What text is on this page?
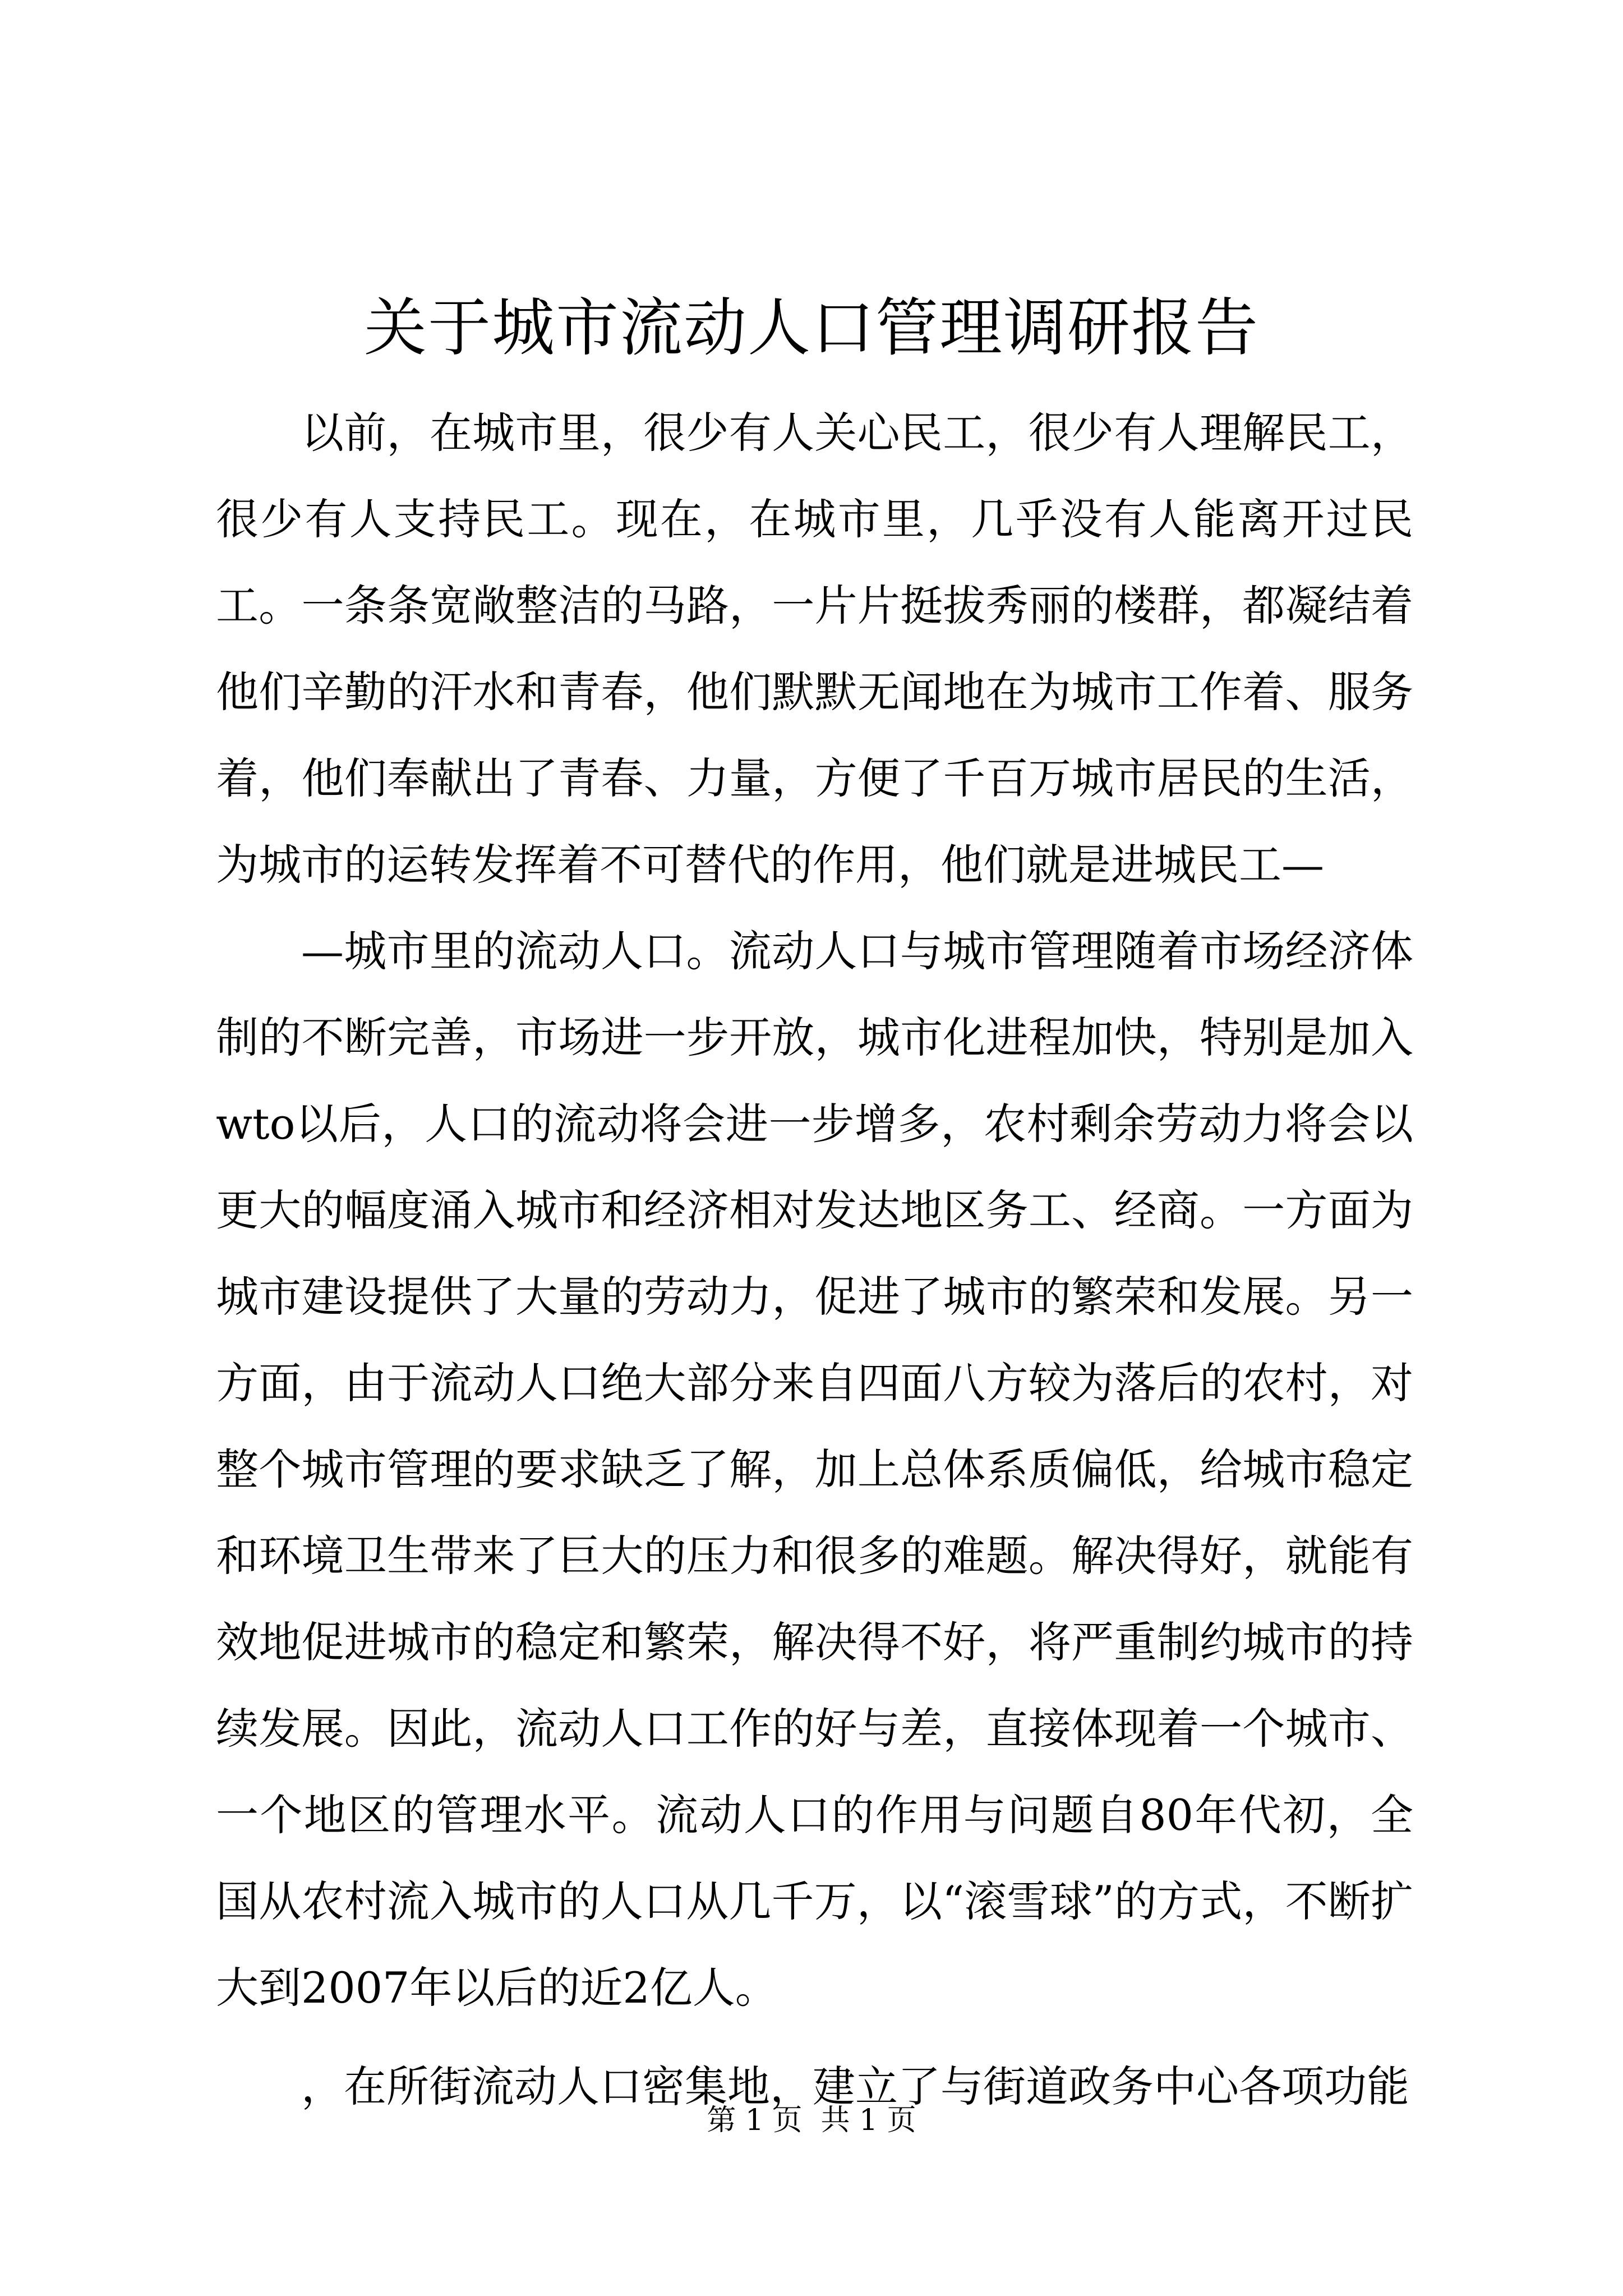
关于城市流动人口管理调研报告

以前，在城市里，很少有人关心民工，很少有人理解民工，很少有人支持民工。现在，在城市里，几乎没有人能离开过民工。一条条宽敞整洁的马路，一片片挺拔秀丽的楼群，都凝结着他们辛勤的汗水和青春，他们默默无闻地在为城市工作着、服务着，他们奉献出了青春、力量，方便了千百万城市居民的生活，为城市的运转发挥着不可替代的作用，他们就是进城民工—

—城市里的流动人口。流动人口与城市管理随着市场经济体制的不断完善，市场进一步开放，城市化进程加快，特别是加入wto以后，人口的流动将会进一步增多，农村剩余劳动力将会以更大的幅度涌入城市和经济相对发达地区务工、经商。一方面为城市建设提供了大量的劳动力，促进了城市的繁荣和发展。另一方面，由于流动人口绝大部分来自四面八方较为落后的农村，对整个城市管理的要求缺乏了解，加上总体系质偏低，给城市稳定和环境卫生带来了巨大的压力和很多的难题。解决得好，就能有效地促进城市的稳定和繁荣，解决得不好，将严重制约城市的持续发展。因此，流动人口工作的好与差，直接体现着一个城市、一个地区的管理水平。流动人口的作用与问题自80年代初，全国从农村流入城市的人口从几千万，以“滚雪球”的方式，不断扩大到2007年以后的近2亿人。

，在所街流动人口密集地，建立了与街道政务中心各项功能

第 1 页  共 1 页
